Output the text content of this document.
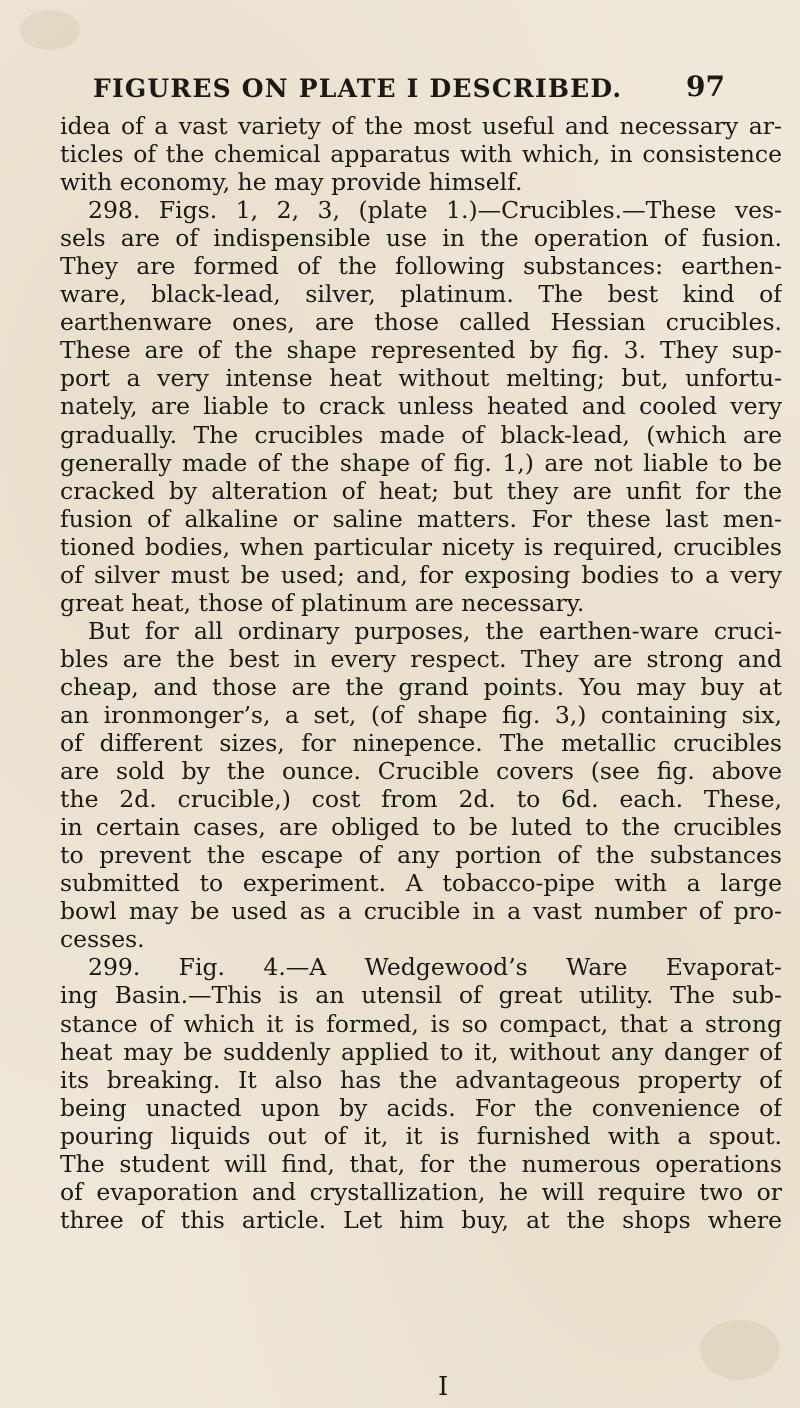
FIGURES ON PLATE I DESCRIBED. 97
idea of a vast variety of the most useful and necessary ar-
ticles of the chemical apparatus with which, in consistence
with economy, he may provide himself.
298. Figs. 1, 2, 3, (plate 1.)—Crucibles.—These ves-
sels are of indispensible use in the operation of fusion.
They are formed of the following substances: earthen-
ware, black-lead, silver, platinum. The best kind of
earthenware ones, are those called Hessian crucibles.
These are of the shape represented by fig. 3. They sup-
port a very intense heat without melting; but, unfortu-
nately, are liable to crack unless heated and cooled very
gradually. The crucibles made of black-lead, (which are
generally made of the shape of fig. 1,) are not liable to be
cracked by alteration of heat; but they are unfit for the
fusion of alkaline or saline matters. For these last men-
tioned bodies, when particular nicety is required, crucibles
of silver must be used; and, for exposing bodies to a very
great heat, those of platinum are necessary.
But for all ordinary purposes, the earthen-ware cruci-
bles are the best in every respect. They are strong and
cheap, and those are the grand points. You may buy at
an ironmonger’s, a set, (of shape fig. 3,) containing six,
of different sizes, for ninepence. The metallic crucibles
are sold by the ounce. Crucible covers (see fig. above
the 2d. crucible,) cost from 2d. to 6d. each. These,
in certain cases, are obliged to be luted to the crucibles
to prevent the escape of any portion of the substances
submitted to experiment. A tobacco-pipe with a large
bowl may be used as a crucible in a vast number of pro-
cesses.
299. Fig. 4.—A Wedgewood’s Ware Evaporat-
ing Basin.—This is an utensil of great utility. The sub-
stance of which it is formed, is so compact, that a strong
heat may be suddenly applied to it, without any danger of
its breaking. It also has the advantageous property of
being unacted upon by acids. For the convenience of
pouring liquids out of it, it is furnished with a spout.
The student will find, that, for the numerous operations
of evaporation and crystallization, he will require two or
three of this article. Let him buy, at the shops where
I
